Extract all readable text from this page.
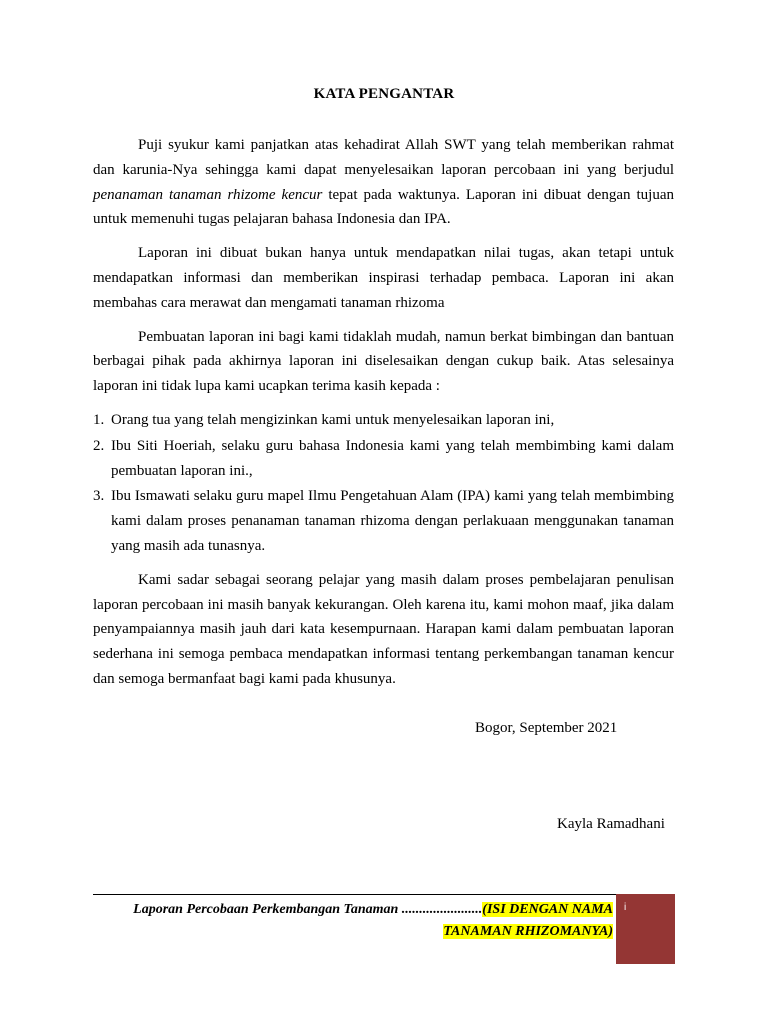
KATA PENGANTAR

Puji syukur kami panjatkan atas kehadirat Allah SWT yang telah memberikan rahmat dan karunia-Nya sehingga kami dapat menyelesaikan laporan percobaan ini yang berjudul penanaman tanaman rhizome kencur tepat pada waktunya. Laporan ini dibuat dengan tujuan untuk memenuhi tugas pelajaran bahasa Indonesia dan IPA.

Laporan ini dibuat bukan hanya untuk mendapatkan nilai tugas, akan tetapi untuk mendapatkan informasi dan memberikan inspirasi terhadap pembaca. Laporan ini akan membahas cara merawat dan mengamati tanaman rhizoma

Pembuatan laporan ini bagi kami tidaklah mudah, namun berkat bimbingan dan bantuan berbagai pihak pada akhirnya laporan ini diselesaikan dengan cukup baik. Atas selesainya laporan ini tidak lupa kami ucapkan terima kasih kepada :

1. Orang tua yang telah mengizinkan kami untuk menyelesaikan laporan ini,
2. Ibu Siti Hoeriah, selaku guru bahasa Indonesia kami yang telah membimbing kami dalam pembuatan laporan ini.,
3. Ibu Ismawati selaku guru mapel Ilmu Pengetahuan Alam (IPA) kami yang telah membimbing kami dalam proses penanaman tanaman rhizoma dengan perlakuaan menggunakan tanaman yang masih ada tunasnya.

Kami sadar sebagai seorang pelajar yang masih dalam proses pembelajaran penulisan laporan percobaan ini masih banyak kekurangan. Oleh karena itu, kami mohon maaf, jika dalam penyampaiannya masih jauh dari kata kesempurnaan. Harapan kami dalam pembuatan laporan sederhana ini semoga pembaca mendapatkan informasi tentang perkembangan tanaman kencur dan semoga bermanfaat bagi kami pada khusunya.

Bogor, September 2021
Kayla Ramadhani
Laporan Percobaan Perkembangan Tanaman .......................(ISI DENGAN NAMA
TANAMAN RHIZOMANYA)
i
